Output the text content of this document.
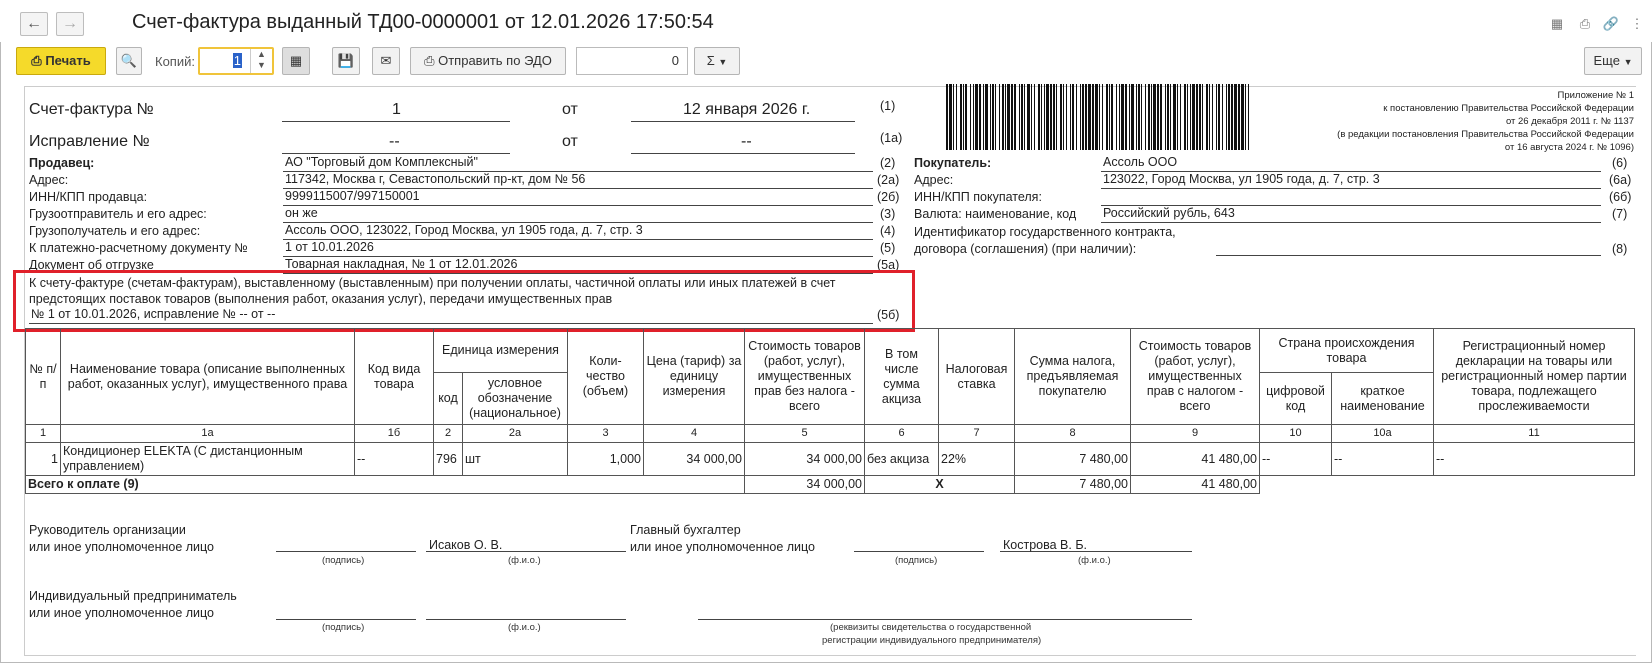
←	→	Счет-фактура выданный ТД00-0000001 от 12.01.2026 17:50:54	▦ ⎙ 🔗 ⋮
⎙ Печать	🔍	Копий:	1	▲
▼	▦	💾	✉	⎙ Отправить по ЭДО	0	Σ ▼	Еще ▼
Счет-фактура №	1	от	12 января 2026 г.	(1)
Исправление №	--	от	--	(1а)
Продавец:	АО "Торговый дом Комплексный"	(2)
Адрес:	117342, Москва г, Севастопольский пр-кт, дом № 56	(2а)
ИНН/КПП продавца:	9999115007/997150001	(2б)
Грузоотправитель и его адрес:	он же	(3)
Грузополучатель и его адрес:	Ассоль ООО, 123022, Город Москва, ул 1905 года, д. 7, стр. 3	(4)
К платежно-расчетному документу №	1 от 10.01.2026	(5)
Документ об отгрузке	Товарная накладная, № 1 от 12.01.2026	(5а)
К счету-фактуре (счетам-фактурам), выставленному (выставленным) при получении оплаты, частичной оплаты или иных платежей в счет
предстоящих поставок товаров (выполнения работ, оказания услуг), передачи имущественных прав
№ 1 от 10.01.2026, исправление № -- от --	(5б)
Приложение № 1
к постановлению Правительства Российской Федерации
от 26 декабря 2011 г. № 1137
(в редакции постановления Правительства Российской Федерации
от 16 августа 2024 г. № 1096)
Покупатель:	Ассоль ООО	(6)
Адрес:	123022, Город Москва, ул 1905 года, д. 7, стр. 3	(6а)
ИНН/КПП покупателя:	(6б)
Валюта: наименование, код Российский рубль, 643	(7)
Идентификатор государственного контракта,
договора (соглашения) (при наличии):	(8)
№ п/п	Наименование товара (описание выполненных работ, оказанных услуг), имущественного права	Код вида товара	Единица измерения		Коли-чество (объем)	Цена (тариф) за единицу измерения	Стоимость товаров (работ, услуг), имущественных прав без налога - всего	В том числе сумма акциза	Налоговая ставка	Сумма налога, предъявляемая покупателю	Стоимость товаров (работ, услуг), имущественных прав с налогом - всего	Страна происхождения товара		Регистрационный номер декларации на товары или регистрационный номер партии товара, подлежащего прослеживаемости
			код	условное обозначение (национальное)								цифровой код	краткое наименование	
1	1а	1б	2	2а	3	4	5	6	7	8	9	10	10а	11
1	Кондиционер ELEKTA (С дистанционным управлением)	--	796	шт	1,000	34 000,00	34 000,00	без акциза	22%	7 480,00	41 480,00	--	--	--
Всего к оплате (9)							34 000,00	X		7 480,00	41 480,00			
Руководитель организации
или иное уполномоченное лицо
(подпись)
Исаков О. В.
(ф.и.о.)
Главный бухгалтер
или иное уполномоченное лицо
(подпись)
Кострова В. Б.
(ф.и.о.)
Индивидуальный предприниматель
или иное уполномоченное лицо
(подпись)	(ф.и.о.)	(реквизиты свидетельства о государственной
регистрации индивидуального предпринимателя)
